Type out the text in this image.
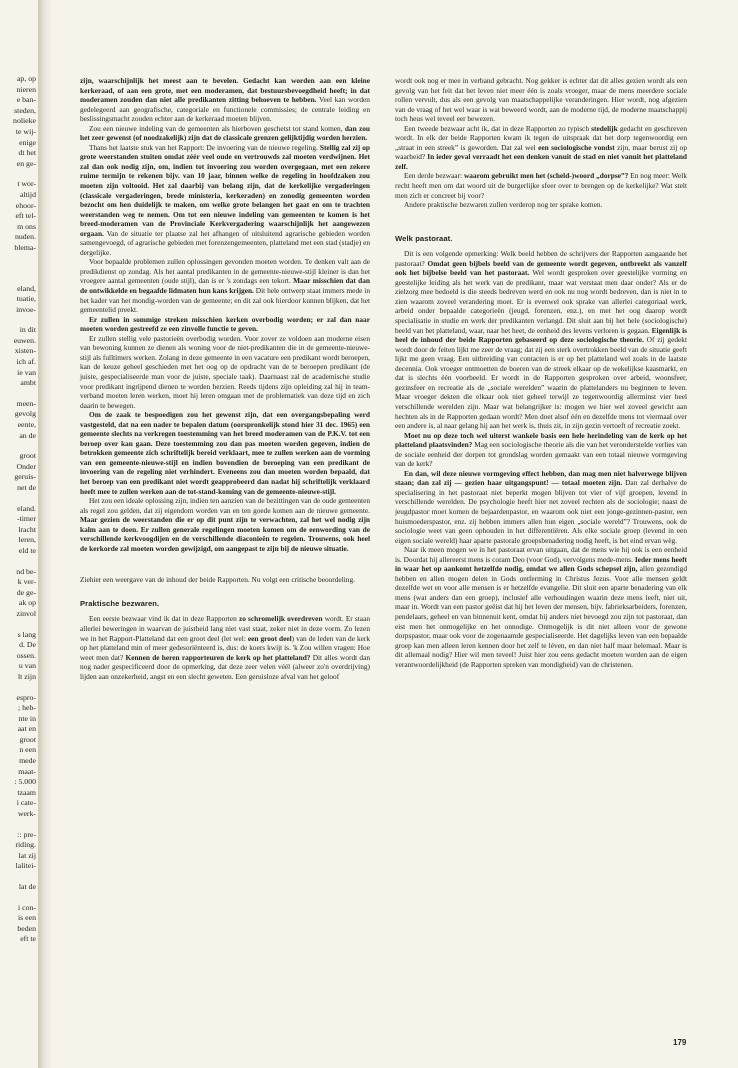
ap, op

nieren

e ban-

steden,

nolieke

te wij-

enige

dt het

en ge-

t wor-

altijd

ehoor-

eft tel-

m ons

nuden.

blema-

eland,

tuatie,

invoe-

in dit

euwen.

xisten-

ich af.

ie van

ambt

meen-

gevolg

eente,

an de

groot

Onder

geruis-

net de

eland.

-timer

lracht

leren,

eld te

nd be-

k ver-

de ge-

ak op

zinvol

s lang

d. De

ossen.

u van

lt zijn

espro-

; heb-

nte in

aat en

groot

n een

mede

maat-

: 5.000

tzaam

i cate-

werk-

:: pre-

riding.

lat zij

lalitei-

lat de

i con-

is een

beden

eft te

zijn, waarschijnlijk het meest aan te bevelen. Gedacht kan worden aan een kleine kerkeraad, of aan een grote, met een moderamen, dat bestuursbevoegdheid heeft; in dat moderamen zouden dan niet alle predikanten zitting behoeven te hebben. Veel kan worden gedelegeerd aan geografische, categoriale en functionele commissies; de centrale leiding en beslissingsmacht zouden echter aan de kerkeraad moeten blijven.

Zou een nieuwe indeling van de gemeenten als hierboven geschetst tot stand komen, dan zou het zeer gewenst (of noodzakelijk) zijn dat de classicale grenzen gelijktijdig worden herzien.

Thans het laatste stuk van het Rapport: De invoering van de nieuwe regeling. Stellig zal zij op grote weerstanden stuiten omdat zéér veel oude en vertrouwds zal moeten verdwijnen. Het zal dan ook nodig zijn, om, indien tot invoering zou worden overgegaan, met een zekere ruime termijn te rekenen bijv. van 10 jaar, binnen welke de regeling in hoofdzaken zou moeten zijn voltooid. Het zal daarbij van belang zijn, dat de kerkelijke vergaderingen (classicale vergaderingen, brede ministeria, kerkeraden) en zonodig gemeenten worden bezocht om hen duidelijk te maken, om welke grote belangen het gaat en om te trachten weerstanden weg te nemen. Om tot een nieuwe indeling van gemeenten te komen is het breed-moderamen van de Provinciale Kerkvergadering waarschijnlijk het aangewezen orgaan. Van de situatie ter plaatse zal het afhangen of uitsluitend agrarische gebieden worden samengevoegd, of agrarische gebieden met forenzengemeenten, platteland met een stad (stadje) en dergelijke.

Voor bepaalde problemen zullen oplossingen gevonden moeten worden. Te denken valt aan de predikdienst op zondag. Als het aantal predikanten in de gemeente-nieuwe-stijl kleiner is dan het vroegere aantal gemeenten (oude stijl), dan is er 's zondags een tekort. Maar misschien dat dan de ontwikkelde en begaafde lidmaten hun kans krijgen. Dit hele ontwerp staat immers mede in het kader van het mondig-worden van de gemeente; en dit zal ook hierdoor kunnen blijken, dat het gemeentelid preekt.

Er zullen in sommige streken misschien kerken overbodig worden; er zal dan naar moeten worden gestreefd ze een zinvolle functie te geven.

Er zullen stellig vele pastorieën overbodig worden. Voor zover ze voldoen aan moderne eisen van bewoning kunnen ze dienen als woning voor de niet-predikanten die in de gemeente-nieuwe-stijl als fulltimers werken. Zolang in deze gemeente in een vacature een predikant wordt beroepen, kan de keuze geheel geschieden met het oog op de opdracht van de te beroepen predikant (de juiste, gespecialiseerde man voor de juiste, speciale taak). Daarnaast zal de academische studie voor predikant ingrijpend dienen te worden herzien. Reeds tijdens zijn opleiding zal hij in team-verband moeten leren werken, moet hij leren omgaan met de problematiek van deze tijd en zich daarin te bewegen.

Om de zaak te bespoedigen zou het gewenst zijn, dat een overgangsbepaling werd vastgesteld, dat na een nader te bepalen datum (oorspronkelijk stond hier 31 dec. 1965) een gemeente slechts na verkregen toestemming van het breed moderamen van de P.K.V. tot een beroep over kan gaan. Deze toestemming zou dan pas moeten worden gegeven, indien de betrokken gemeente zich schriftelijk bereid verklaart, mee te zullen werken aan de vorming van een gemeente-nieuwe-stijl en indien bovendien de beroeping van een predikant de invoering van de regeling niet verhindert. Eveneens zou dan moeten worden bepaald, dat het beroep van een predikant niet wordt geapprobeerd dan nadat hij schriftelijk verklaard heeft mee te zullen werken aan de tot-stand-koming van de gemeente-nieuwe-stijl.

Het zou een ideale oplossing zijn, indien ten aanzien van de bezittingen van de oude gemeenten als regel zou gelden, dat zij eigendom worden van en ten goede komen aan de nieuwe gemeente. Maar gezien de weerstanden die er op dit punt zijn te verwachten, zal het wel nodig zijn kalm aan te doen. Er zullen generale regelingen moeten komen om de eenwording van de verschillende kerkvoogdijen en de verschillende diaconieën te regelen. Trouwens, ook heel de kerkorde zal moeten worden gewijzigd, om aangepast te zijn bij de nieuwe situatie.

Ziehier een weergave van de inhoud der beide Rapporten. Nu volgt een critische beoordeling.

Praktische bezwaren.

Een eerste bezwaar vind ik dat in deze Rapporten zo schromelijk overdreven wordt. Er staan allerlei beweringen in waarvan de juistheid lang niet vast staat, zeker niet in deze vorm. Zo lezen we in het Rapport-Platteland dat een groot deel (let wel: een groot deel) van de leden van de kerk op het platteland min of meer gedesoriënteerd is, dus: de koers kwijt is. 'k Zou willen vragen: Hoe weet men dat? Kennen de heren rapporteuren de kerk op het platteland? Dit alles wordt dan nog nader gespecificeerd door de opmerking, dat deze zeer velen véél (alweer zo'n overdrijving) lijden aan onzekerheid, angst en een slecht geweten. Een geruisloze afval van het geloof

wordt ook nog er mee in verband gebracht. Nog gekker is echter dat dit alles gezien wordt als een gevolg van het feit dat het leven niet meer één is zoals vroeger, maar de mens meerdere sociale rollen vervult, dus als een gevolg van maatschappelijke veranderingen. Hier wordt, nog afgezien van de vraag of het wel waar is wat beweerd wordt, aan de moderne tijd, de moderne maatschappij toch heus wel teveel eer bewezen.

Een tweede bezwaar acht ik, dat in deze Rapporten zo typisch stedelijk gedacht en geschreven wordt. In elk der beide Rapporten kwam ik tegen de uitspraak dat het dorp tegenwoordig een „straat in een streek” is geworden. Dat zal wel een sociologische vondst zijn, maar berust zij op waarheid? In ieder geval verraadt het een denken vanuit de stad en niet vanuit het platteland zelf.

Een derde bezwaar: waarom gebruikt men het (scheld-)woord „dorpse”? En nog meer: Welk recht heeft men om dat woord uit de burgerlijke sfeer over te brengen op de kerkelijke? Wat stelt men zich er concreet bij voor?

Andere praktische bezwaren zullen verderop nog ter sprake komen.

Welk pastoraat.

Dit is een volgende opmerking: Welk beeld hebben de schrijvers der Rapporten aangaande het pastoraat? Omdat geen bijbels beeld van de gemeente wordt gegeven, ontbreekt als vanzelf ook het bijbelse beeld van het pastoraat. Wel wordt gesproken over geestelijke vorming en geestelijke leiding als het werk van de predikant, maar wat verstaat men daar onder? Als er de zielzorg mee bedoeld is die steeds bedreven werd en ook nu nog wordt bedreven, dan is niet in te zien waarom zoveel verandering moet. Er is evenwel ook sprake van allerlei categoriaal werk, arbeid onder bepaalde categorieën (jeugd, forenzen, enz.), en met het oog daarop wordt specialisatie in studie en werk der predikanten verlangd. Dit sluit aan bij het hele (sociologische) beeld van het platteland, waar, naar het heet, de eenheid des levens verloren is gegaan. Eigenlijk is heel de inhoud der beide Rapporten gebaseerd op deze sociologische theorie. Of zij gedekt wordt door de feiten lijkt me zeer de vraag; dat zij een sterk overtrokken beeld van de situatie geeft lijkt me geen vraag. Een uitbreiding van contacten is er op het platteland wel zoals in de laatste decennia. Ook vroeger ontmoetten de boeren van de streek elkaar op de wekelijkse kaasmarkt, en dat is slechts één voorbeeld. Er wordt in de Rapporten gesproken over arbeid, woonsfeer, gezinsfeer en recreatie als de „sociale werelden” waarin de plattelanders nu beginnen te leven. Maar vroeger dekten die elkaar ook niet geheel terwijl ze tegenwoordig allerminst vier heel verschillende werelden zijn. Maar wat belangrijker is: mogen we hier wel zoveel gewicht aan hechten als in de Rapporten gedaan wordt? Men doet alsof één en dezelfde mens tot viermaal over een andere is, al naar gelang hij aan het werk is, thuis zit, in zijn gezin vertoeft of recreatie zoekt.

Moet nu op deze toch wel uiterst wankele basis een hele herindeling van de kerk op het platteland plaatsvinden? Mag een sociologische theorie als die van het veronderstelde verlies van de sociale eenheid der dorpen tot grondslag worden gemaakt van een totaal nieuwe vormgeving van de kerk?

En dan, wil deze nieuwe vormgeving effect hebben, dan mag men niet halverwege blijven staan; dan zal zij — gezien haar uitgangspunt! — totaal moeten zijn. Dan zal derhalve de specialisering in het pastoraat niet beperkt mogen blijven tot vier of vijf groepen, levend in verschillende werelden. De psychologie heeft hier net zoveel rechten als de sociologie; naast de jeugdpastor moet komen de bejaardenpastor, en waarom ook niet een jonge-gezinnen-pastor, een huismoederspastor, enz. zij hebben immers allen hun eigen „sociale wereld”? Trouwens, ook de sociologie weet van geen ophouden in het differentiëren. Als elke sociale groep (levend in een eigen sociale wereld) haar aparte pastorale groepsbenadering nodig heeft, is het eind ervan wèg.

Naar ik meen mogen we in het pastoraat ervan uitgaan, dat de mens wie hij ook is een eenheid is. Doordat hij allereerst mens is coram Deo (voor God), vervolgens mede-mens. Ieder mens heeft in waar het op aankomt hetzelfde nodig, omdat we allen Gods schepsel zijn, allen gezondigd hebben en allen mogen delen in Gods ontferming in Christus Jezus. Voor alle mensen geldt dezelfde wet en voor alle mensen is er hetzelfde evangelie. Dit sluit een aparte benadering van elk mens (wat anders dan een groep), inclusief alle verhoudingen waarin deze mens leeft, niet uit, maar in. Wordt van een pastor geëist dat hij het leven der mensen, bijv. fabrieksarbeiders, forenzen, pendelaars, geheel en van binnenuit kent, omdat hij anders niet bevoegd zou zijn tot pastoraat, dan eist men het onmogelijke en het onnodige. Onmogelijk is dit niet alleen voor de gewone dorpspastor, maar ook voor de zogenaamde gespecialiseerde. Het dagelijks leven van een bepaalde groep kan men alleen leren kennen door het zelf te léven, en dan niet half maar helemaal. Maar is dit allemaal nodig? Hier wil men teveel! Juist hier zou eens gedacht moeten worden aan de eigen verantwoordelijkheid (de Rapporten spreken van mondigheid) van de christenen.

179
